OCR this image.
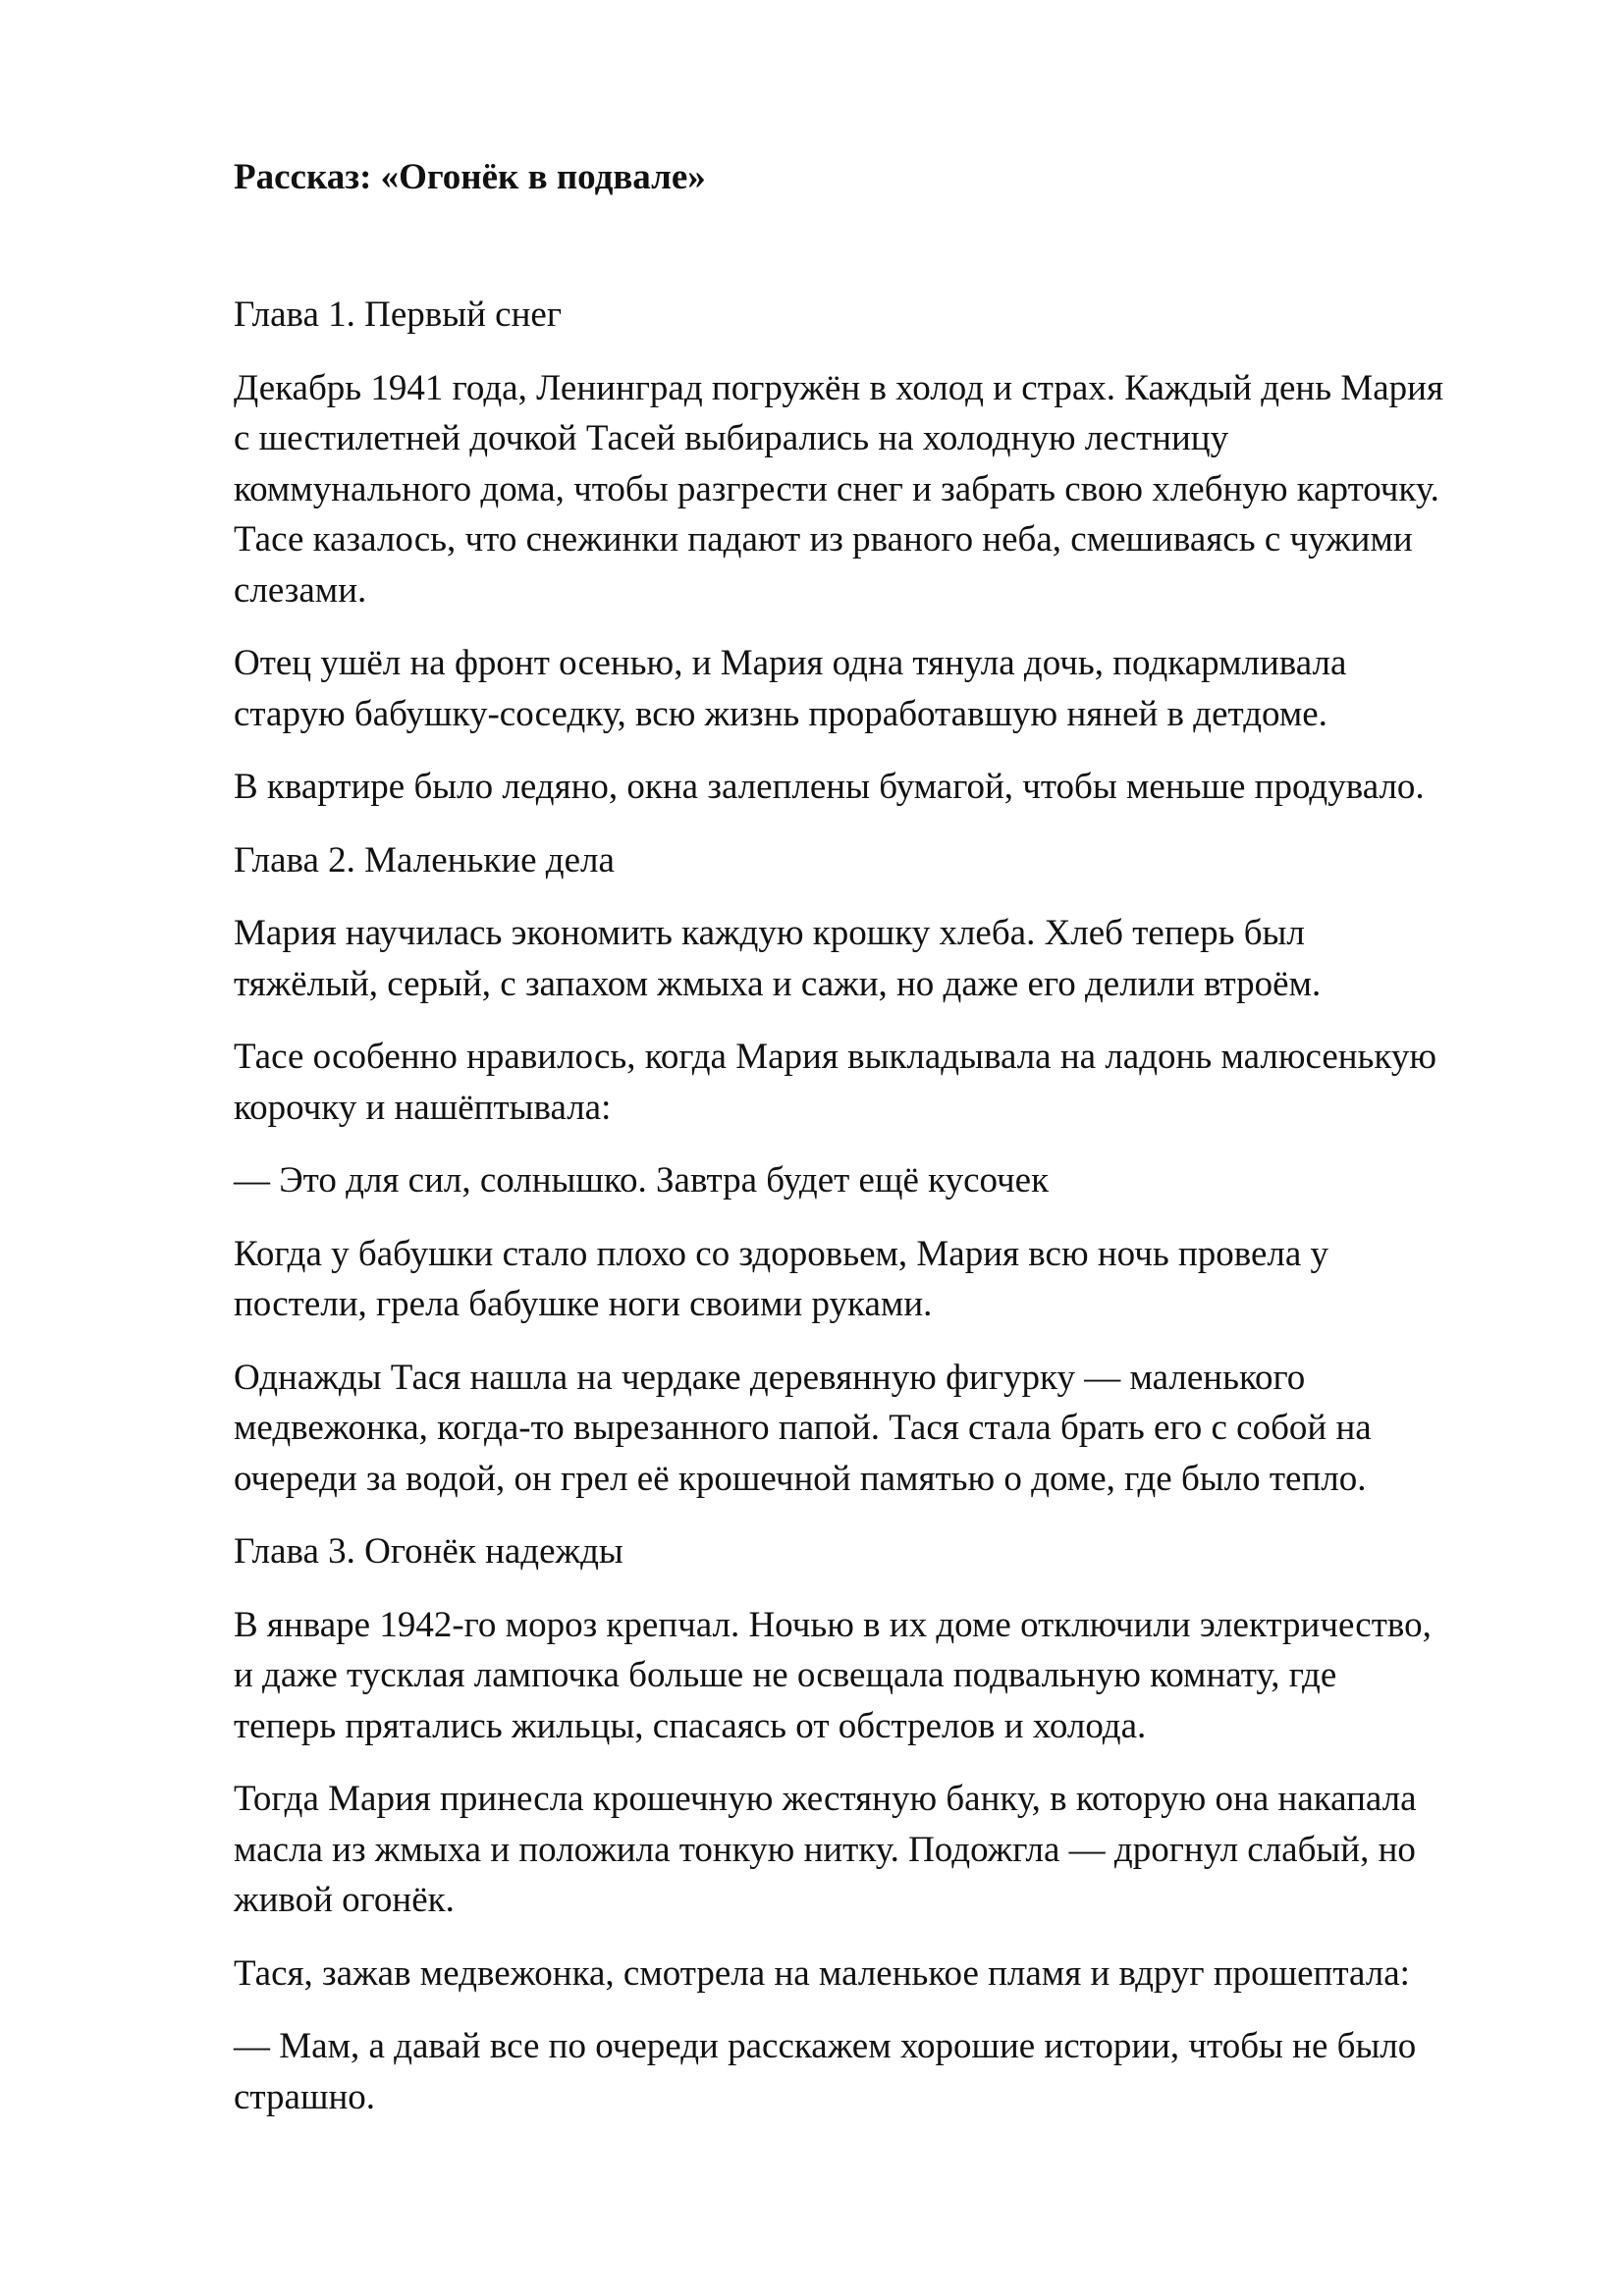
Рассказ: «Огонёк в подвале»
Глава 1. Первый снег
Декабрь 1941 года, Ленинград погружён в холод и страх. Каждый день Мария
с шестилетней дочкой Тасей выбирались на холодную лестницу
коммунального дома, чтобы разгрести снег и забрать свою хлебную карточку.
Тасе казалось, что снежинки падают из рваного неба, смешиваясь с чужими
слезами.
Отец ушёл на фронт осенью, и Мария одна тянула дочь, подкармливала
старую бабушку-соседку, всю жизнь проработавшую няней в детдоме.
В квартире было ледяно, окна залеплены бумагой, чтобы меньше продувало.
Глава 2. Маленькие дела
Мария научилась экономить каждую крошку хлеба. Хлеб теперь был
тяжёлый, серый, с запахом жмыха и сажи, но даже его делили втроём.
Тасе особенно нравилось, когда Мария выкладывала на ладонь малюсенькую
корочку и нашёптывала:
— Это для сил, солнышко. Завтра будет ещё кусочек
Когда у бабушки стало плохо со здоровьем, Мария всю ночь провела у
постели, грела бабушке ноги своими руками.
Однажды Тася нашла на чердаке деревянную фигурку — маленького
медвежонка, когда-то вырезанного папой. Тася стала брать его с собой на
очереди за водой, он грел её крошечной памятью о доме, где было тепло.
Глава 3. Огонёк надежды
В январе 1942-го мороз крепчал. Ночью в их доме отключили электричество,
и даже тусклая лампочка больше не освещала подвальную комнату, где
теперь прятались жильцы, спасаясь от обстрелов и холода.
Тогда Мария принесла крошечную жестяную банку, в которую она накапала
масла из жмыха и положила тонкую нитку. Подожгла — дрогнул слабый, но
живой огонёк.
Тася, зажав медвежонка, смотрела на маленькое пламя и вдруг прошептала:
— Мам, а давай все по очереди расскажем хорошие истории, чтобы не было
страшно.
